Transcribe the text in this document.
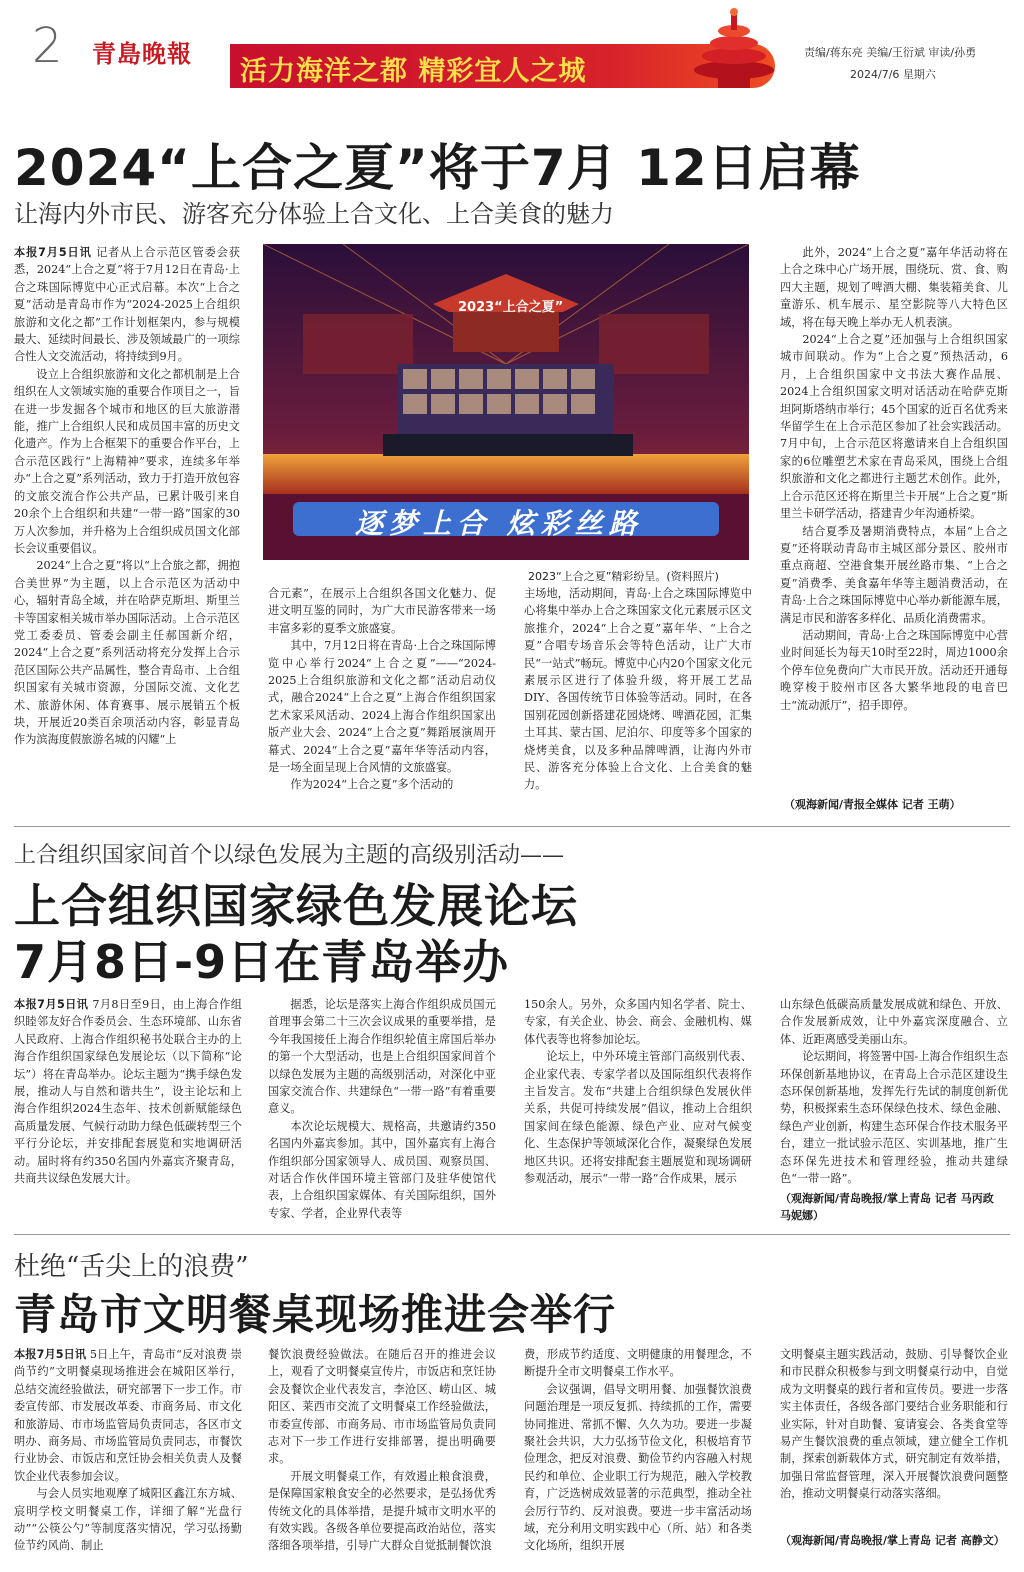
2 青島晚報
活力海洋之都 精彩宜人之城
责编/蒋东亮 美编/王衍斌 审读/孙勇
2024/7/6 星期六
2024“上合之夏”将于7月 12日启幕
让海内外市民、游客充分体验上合文化、上合美食的魅力

本报7月5日讯 记者从上合示范区管委会获悉，2024“上合之夏”将于7月12日在青岛·上合之珠国际博览中心正式启幕。本次“上合之夏”活动是青岛市作为“2024-2025上合组织旅游和文化之都”工作计划框架内，参与规模最大、延续时间最长、涉及领域最广的一项综合性人文交流活动，将持续到9月。

设立上合组织旅游和文化之都机制是上合组织在人文领域实施的重要合作项目之一，旨在进一步发掘各个城市和地区的巨大旅游潜能，推广上合组织人民和成员国丰富的历史文化遗产。作为上合框架下的重要合作平台，上合示范区践行“上海精神”要求，连续多年举办“上合之夏”系列活动，致力于打造开放包容的文旅交流合作公共产品，已累计吸引来自20余个上合组织和共建“一带一路”国家的30万人次参加，并升格为上合组织成员国文化部长会议重要倡议。

2024“上合之夏”将以“上合旅之都，拥抱合美世界”为主题，以上合示范区为活动中心，辐射青岛全域，并在哈萨克斯坦、斯里兰卡等国家相关城市举办国际活动。上合示范区党工委委员、管委会副主任郝国新介绍，2024“上合之夏”系列活动将充分发挥上合示范区国际公共产品属性，整合青岛市、上合组织国家有关城市资源，分国际交流、文化艺术、旅游休闲、体育赛事、展示展销五个板块，开展近20类百余项活动内容，彰显青岛作为滨海度假旅游名城的闪耀“上

2023“上合之夏”
逐梦上合 炫彩丝路
2023“上合之夏”精彩纷呈。(资料照片)

合元素”，在展示上合组织各国文化魅力、促进文明互鉴的同时，为广大市民游客带来一场丰富多彩的夏季文旅盛宴。

其中，7月12日将在青岛·上合之珠国际博览中心举行2024“上合之夏”——“2024-2025上合组织旅游和文化之都”活动启动仪式，融合2024“上合之夏”上海合作组织国家艺术家采风活动、2024上海合作组织国家出版产业大会、2024“上合之夏”舞蹈展演周开幕式、2024“上合之夏”嘉年华等活动内容，是一场全面呈现上合风情的文旅盛宴。

作为2024“上合之夏”多个活动的

主场地，活动期间，青岛·上合之珠国际博览中心将集中举办上合之珠国家文化元素展示区文旅推介，2024“上合之夏”嘉年华、“上合之夏”合唱专场音乐会等特色活动，让广大市民“一站式”畅玩。博览中心内20个国家文化元素展示区进行了体验升级，将开展工艺品DIY、各国传统节日体验等活动。同时，在各国别花园创新搭建花园烧烤、啤酒花园，汇集土耳其、蒙古国、尼泊尔、印度等多个国家的烧烤美食，以及多种品牌啤酒，让海内外市民、游客充分体验上合文化、上合美食的魅力。

此外，2024“上合之夏”嘉年华活动将在上合之珠中心广场开展，围绕玩、赏、食、购四大主题，规划了啤酒大棚、集装箱美食、儿童游乐、机车展示、星空影院等八大特色区域，将在每天晚上举办无人机表演。

2024“上合之夏”还加强与上合组织国家城市间联动。作为“上合之夏”预热活动，6月，上合组织国家中文书法大赛作品展、2024上合组织国家文明对话活动在哈萨克斯坦阿斯塔纳市举行；45个国家的近百名优秀来华留学生在上合示范区参加了社会实践活动。7月中旬，上合示范区将邀请来自上合组织国家的6位雕塑艺术家在青岛采风，围绕上合组织旅游和文化之都进行主题艺术创作。此外，上合示范区还将在斯里兰卡开展“上合之夏”斯里兰卡研学活动，搭建青少年沟通桥梁。

结合夏季及暑期消费特点，本届“上合之夏”还将联动青岛市主城区部分景区、胶州市重点商超、空港食集开展丝路市集、“上合之夏”消费季、美食嘉年华等主题消费活动，在青岛·上合之珠国际博览中心举办新能源车展，满足市民和游客多样化、品质化消费需求。

活动期间，青岛·上合之珠国际博览中心营业时间延长为每天10时至22时，周边1000余个停车位免费向广大市民开放。活动还开通每晚穿梭于胶州市区各大繁华地段的电音巴士“流动派厅”，招手即停。

（观海新闻/青报全媒体 记者 王萌）
上合组织国家间首个以绿色发展为主题的高级别活动——
上合组织国家绿色发展论坛
7月8日-9日在青岛举办

本报7月5日讯 7月8日至9日，由上海合作组织睦邻友好合作委员会、生态环境部、山东省人民政府、上海合作组织秘书处联合主办的上海合作组织国家绿色发展论坛（以下简称“论坛”）将在青岛举办。论坛主题为“携手绿色发展，推动人与自然和谐共生”，设主论坛和上海合作组织2024生态年、技术创新赋能绿色高质量发展、气候行动助力绿色低碳转型三个平行分论坛，并安排配套展览和实地调研活动。届时将有约350名国内外嘉宾齐聚青岛，共商共议绿色发展大计。

据悉，论坛是落实上海合作组织成员国元首理事会第二十三次会议成果的重要举措，是今年我国接任上海合作组织轮值主席国后举办的第一个大型活动，也是上合组织国家间首个以绿色发展为主题的高级别活动，对深化中亚国家交流合作、共建绿色“一带一路”有着重要意义。

本次论坛规模大、规格高，共邀请约350名国内外嘉宾参加。其中，国外嘉宾有上海合作组织部分国家领导人、成员国、观察员国、对话合作伙伴国环境主管部门及驻华使馆代表，上合组织国家媒体、有关国际组织，国外专家、学者，企业界代表等

150余人。另外，众多国内知名学者、院士、专家，有关企业、协会、商会、金融机构、媒体代表等也将参加论坛。

论坛上，中外环境主管部门高级别代表、企业家代表、专家学者以及国际组织代表将作主旨发言。发布“共建上合组织绿色发展伙伴关系，共促可持续发展”倡议，推动上合组织国家间在绿色能源、绿色产业、应对气候变化、生态保护等领域深化合作，凝聚绿色发展地区共识。还将安排配套主题展览和现场调研参观活动，展示“一带一路”合作成果，展示

山东绿色低碳高质量发展成就和绿色、开放、合作发展新成效，让中外嘉宾深度融合、立体、近距离感受美丽山东。

论坛期间，将签署中国-上海合作组织生态环保创新基地协议，在青岛上合示范区建设生态环保创新基地，发挥先行先试的制度创新优势，积极探索生态环保绿色技术、绿色金融、绿色产业创新，构建生态环保合作技术服务平台，建立一批试验示范区、实训基地，推广生态环保先进技术和管理经验，推动共建绿色“一带一路”。

（观海新闻/青岛晚报/掌上青岛 记者 马丙政 马妮娜）
杜绝“舌尖上的浪费”
青岛市文明餐桌现场推进会举行

本报7月5日讯 5日上午，青岛市“反对浪费 崇尚节约”文明餐桌现场推进会在城阳区举行，总结交流经验做法，研究部署下一步工作。市委宣传部、市发展改革委、市商务局、市文化和旅游局、市市场监管局负责同志，各区市文明办、商务局、市场监管局负责同志，市餐饮行业协会、市饭店和烹饪协会相关负责人及餐饮企业代表参加会议。

与会人员实地观摩了城阳区鑫江东方城、宸明学校文明餐桌工作，详细了解“光盘行动”“公筷公勺”等制度落实情况，学习弘扬勤俭节约风尚、制止

餐饮浪费经验做法。在随后召开的推进会议上，观看了文明餐桌宣传片，市饭店和烹饪协会及餐饮企业代表发言，李沧区、崂山区、城阳区、莱西市交流了文明餐桌工作经验做法，市委宣传部、市商务局、市市场监管局负责同志对下一步工作进行安排部署，提出明确要求。

开展文明餐桌工作，有效遏止粮食浪费，是保障国家粮食安全的必然要求，是弘扬优秀传统文化的具体举措，是提升城市文明水平的有效实践。各级各单位要提高政治站位，落实落细各项举措，引导广大群众自觉抵制餐饮浪

费，形成节约适度、文明健康的用餐理念，不断提升全市文明餐桌工作水平。

会议强调，倡导文明用餐、加强餐饮浪费问题治理是一项反复抓、持续抓的工作，需要协同推进、常抓不懈、久久为功。要进一步凝聚社会共识，大力弘扬节俭文化，积极培育节俭理念，把反对浪费、勤俭节约内容融入村规民约和单位、企业职工行为规范，融入学校教育，广泛选树成效显著的示范典型，推动全社会厉行节约、反对浪费。要进一步丰富活动场域，充分利用文明实践中心（所、站）和各类文化场所，组织开展

文明餐桌主题实践活动，鼓励、引导餐饮企业和市民群众积极参与到文明餐桌行动中，自觉成为文明餐桌的践行者和宣传员。要进一步落实主体责任，各级各部门要结合业务职能和行业实际，针对自助餐、宴请宴会、各类食堂等易产生餐饮浪费的重点领域，建立健全工作机制，探索创新载体方式，研究制定有效举措，加强日常监督管理，深入开展餐饮浪费问题整治，推动文明餐桌行动落实落细。

（观海新闻/青岛晚报/掌上青岛 记者 高静文）
